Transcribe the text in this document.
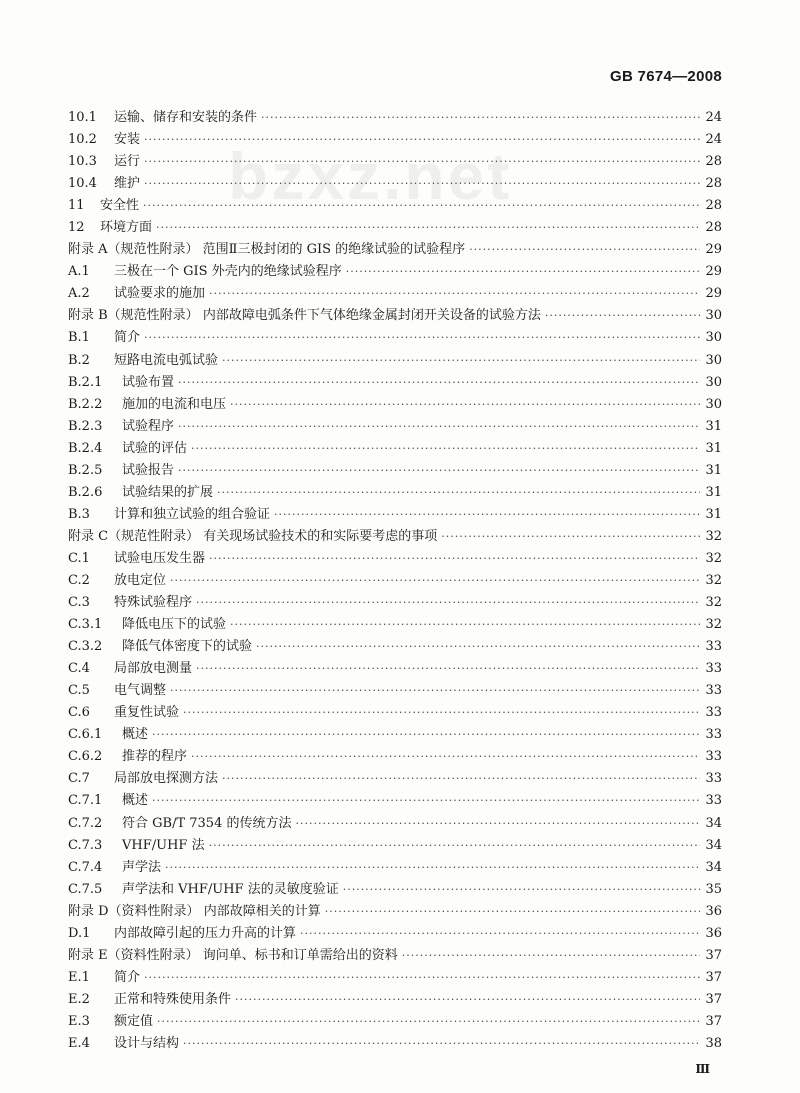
GB 7674—2008
bzxz.net
10.1	运输、储存和安装的条件 ·····	24
10.2	安装 ·····	24
10.3	运行 ·····	28
10.4	维护 ·····	28
11	安全性 ·····	28
12	环境方面 ·····	28
附录 A（规范性附录） 范围Ⅱ三极封闭的 GIS 的绝缘试验的试验程序 ·····	29
A.1	三极在一个 GIS 外壳内的绝缘试验程序 ·····	29
A.2	试验要求的施加 ·····	29
附录 B（规范性附录） 内部故障电弧条件下气体绝缘金属封闭开关设备的试验方法 ·····	30
B.1	简介 ·····	30
B.2	短路电流电弧试验 ·····	30
B.2.1	试验布置 ·····	30
B.2.2	施加的电流和电压 ·····	30
B.2.3	试验程序 ·····	31
B.2.4	试验的评估 ·····	31
B.2.5	试验报告 ·····	31
B.2.6	试验结果的扩展 ·····	31
B.3	计算和独立试验的组合验证 ·····	31
附录 C（规范性附录） 有关现场试验技术的和实际要考虑的事项 ·····	32
C.1	试验电压发生器 ·····	32
C.2	放电定位 ·····	32
C.3	特殊试验程序 ·····	32
C.3.1	降低电压下的试验 ·····	32
C.3.2	降低气体密度下的试验 ·····	33
C.4	局部放电测量 ·····	33
C.5	电气调整 ·····	33
C.6	重复性试验 ·····	33
C.6.1	概述 ·····	33
C.6.2	推荐的程序 ·····	33
C.7	局部放电探测方法 ·····	33
C.7.1	概述 ·····	33
C.7.2	符合 GB/T 7354 的传统方法 ·····	34
C.7.3	VHF/UHF 法 ·····	34
C.7.4	声学法 ·····	34
C.7.5	声学法和 VHF/UHF 法的灵敏度验证 ·····	35
附录 D（资料性附录） 内部故障相关的计算 ·····	36
D.1	内部故障引起的压力升高的计算 ·····	36
附录 E（资料性附录） 询问单、标书和订单需给出的资料 ·····	37
E.1	简介 ·····	37
E.2	正常和特殊使用条件 ·····	37
E.3	额定值 ·····	37
E.4	设计与结构 ·····	38
Ⅲ
